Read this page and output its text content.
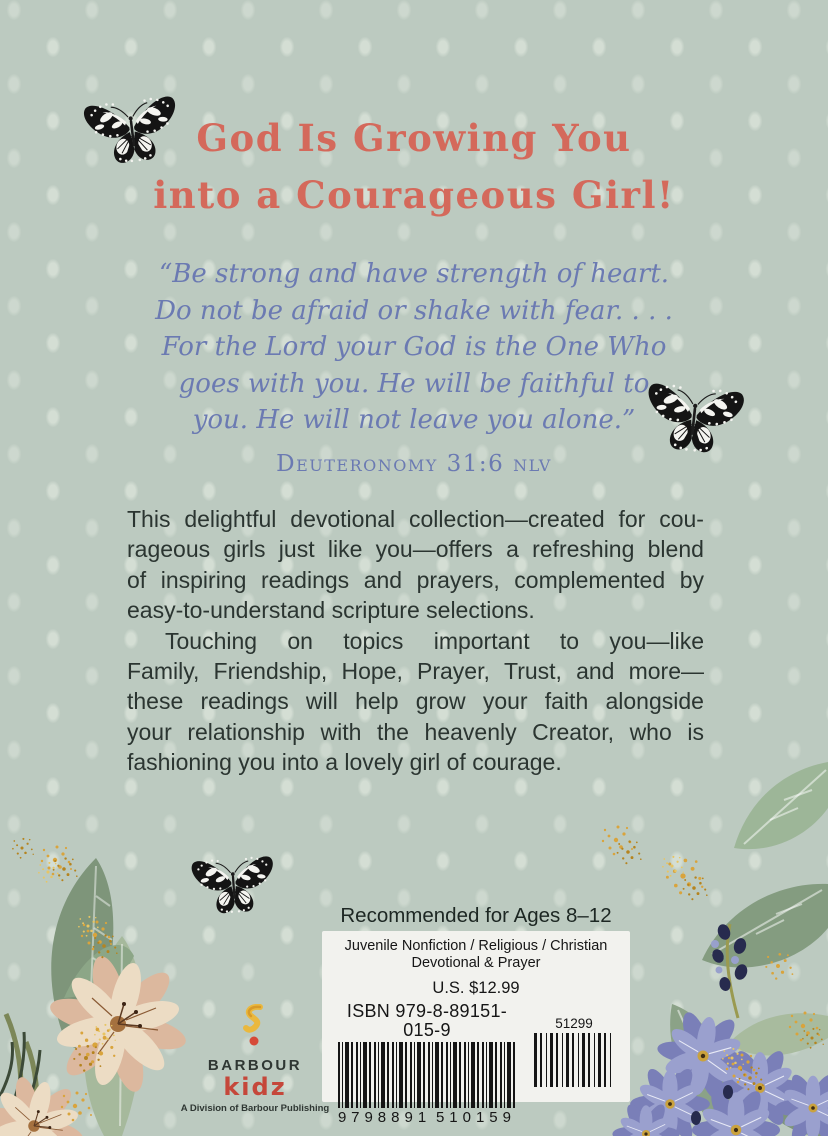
God Is Growing You
into a Courageous Girl!
“Be strong and have strength of heart.
Do not be afraid or shake with fear. . . .
For the Lord your God is the One Who
goes with you. He will be faithful to
you. He will not leave you alone.”
Deuteronomy 31:6 nlv
This delightful devotional collection—created for cou-
rageous girls just like you—offers a refreshing blend
of inspiring readings and prayers, complemented by
easy-to-understand scripture selections.
Touching on topics important to you—like
Family, Friendship, Hope, Prayer, Trust, and more—
these readings will help grow your faith alongside
your relationship with the heavenly Creator, who is
fashioning you into a lovely girl of courage.
Recommended for Ages 8–12
Juvenile Nonfiction / Religious / Christian
Devotional & Prayer
U.S. $12.99
ISBN 979-8-89151-015-9
9 798891 510159
51299
BARBOUR
kidz
A Division of Barbour Publishing
